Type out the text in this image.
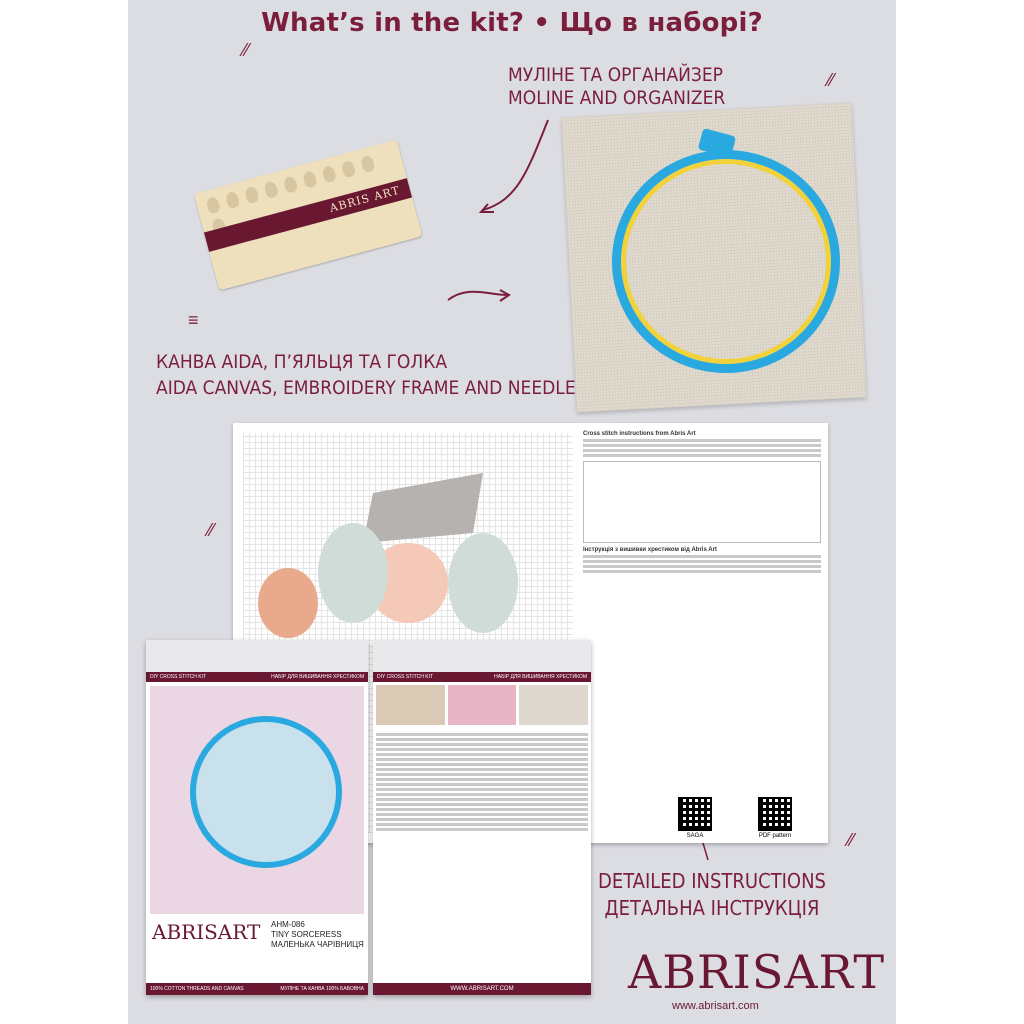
What’s in the kit? • Що в наборі?
МУЛІНЕ ТА ОРГАНАЙЗЕР
MOLINE AND ORGANIZER
⁄⁄
⁄⁄
≡
⁄⁄
⁄⁄
ABRIS ART
КАНВА AIDA, П’ЯЛЬЦЯ ТА ГОЛКА
AIDA CANVAS, EMBROIDERY FRAME AND NEEDLE
Cross stitch instructions from Abris Art
Інструкція з вишивки хрестиком від Abris Art
SAGA	PDF pattern
DIY CROSS STITCH KIT	НАБІР ДЛЯ ВИШИВАННЯ ХРЕСТИКОМ
ABRISART AHM-086
TINY SORCERESS
МАЛЕНЬКА ЧАРІВНИЦЯ
100% COTTON THREADS AND CANVAS	МУЛІНЕ ТА КАНВА 100% БАВОВНА
DIY CROSS STITCH KIT	НАБІР ДЛЯ ВИШИВАННЯ ХРЕСТИКОМ
WWW.ABRISART.COM
DETAILED INSTRUCTIONS
ДЕТАЛЬНА ІНСТРУКЦІЯ
ABRISART
www.abrisart.com
